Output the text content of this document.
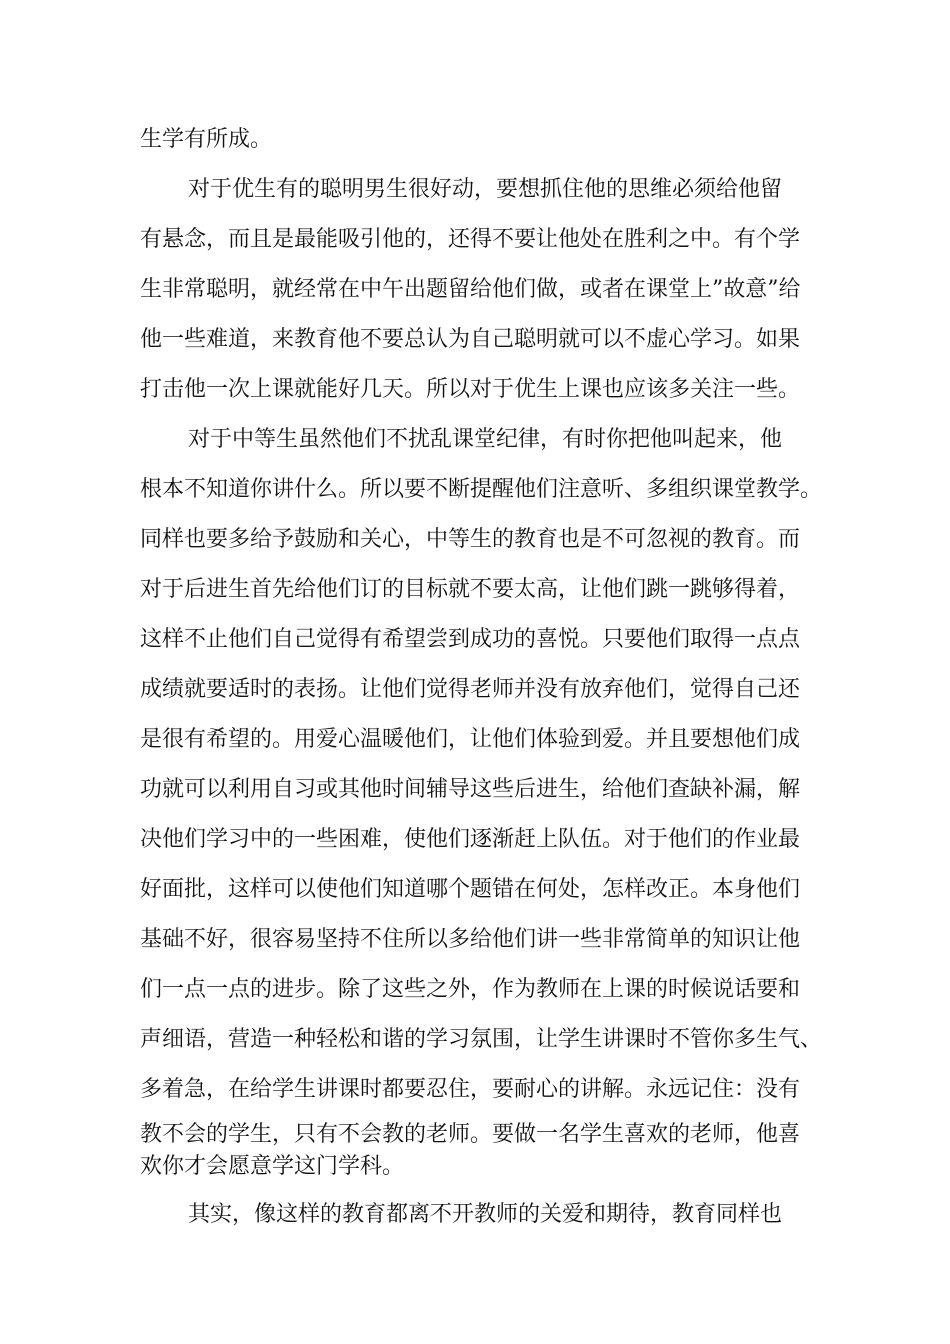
生学有所成。
对于优生有的聪明男生很好动，要想抓住他的思维必须给他留
有悬念，而且是最能吸引他的，还得不要让他处在胜利之中。有个学
生非常聪明，就经常在中午出题留给他们做，或者在课堂上”故意”给
他一些难道，来教育他不要总认为自己聪明就可以不虚心学习。如果
打击他一次上课就能好几天。所以对于优生上课也应该多关注一些。
对于中等生虽然他们不扰乱课堂纪律，有时你把他叫起来，他
根本不知道你讲什么。所以要不断提醒他们注意听、多组织课堂教学。
同样也要多给予鼓励和关心，中等生的教育也是不可忽视的教育。而
对于后进生首先给他们订的目标就不要太高，让他们跳一跳够得着，
这样不止他们自己觉得有希望尝到成功的喜悦。只要他们取得一点点
成绩就要适时的表扬。让他们觉得老师并没有放弃他们，觉得自己还
是很有希望的。用爱心温暖他们，让他们体验到爱。并且要想他们成
功就可以利用自习或其他时间辅导这些后进生，给他们查缺补漏，解
决他们学习中的一些困难，使他们逐渐赶上队伍。对于他们的作业最
好面批，这样可以使他们知道哪个题错在何处，怎样改正。本身他们
基础不好，很容易坚持不住所以多给他们讲一些非常简单的知识让他
们一点一点的进步。除了这些之外，作为教师在上课的时候说话要和
声细语，营造一种轻松和谐的学习氛围，让学生讲课时不管你多生气、
多着急，在给学生讲课时都要忍住，要耐心的讲解。永远记住：没有
教不会的学生，只有不会教的老师。要做一名学生喜欢的老师，他喜
欢你才会愿意学这门学科。
其实，像这样的教育都离不开教师的关爱和期待，教育同样也
